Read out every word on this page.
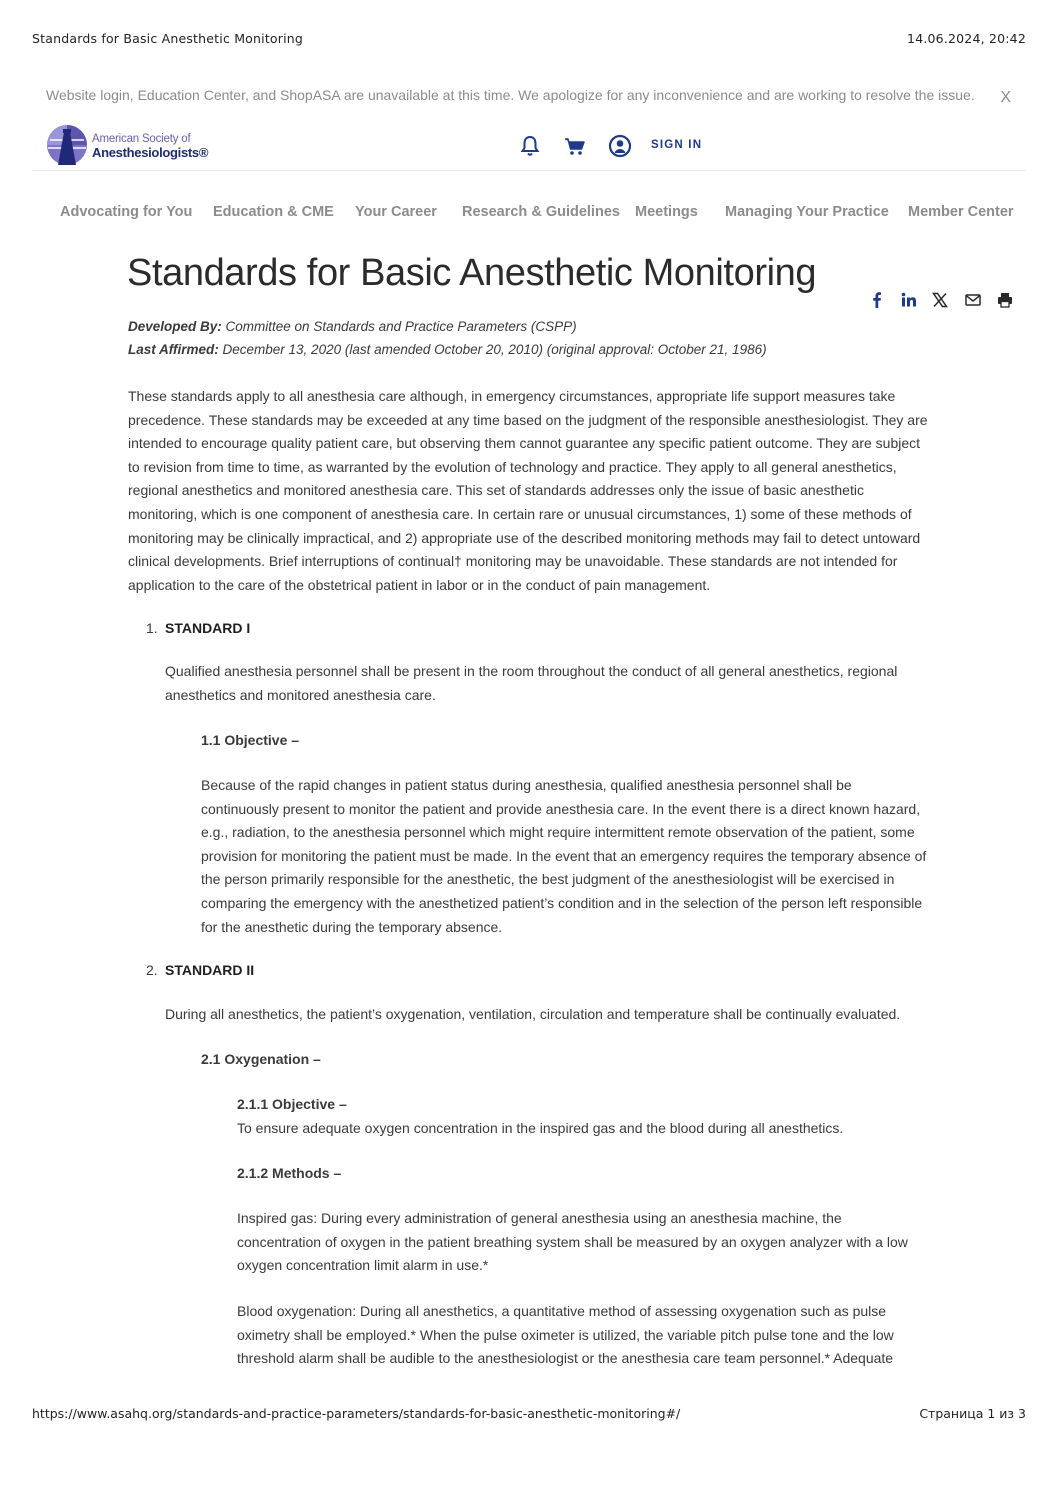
Standards for Basic Anesthetic Monitoring	14.06.2024, 20:42
Website login, Education Center, and ShopASA are unavailable at this time. We apologize for any inconvenience and are working to resolve the issue. X
American Society of
Anesthesiologists®	SIGN IN
Advocating for You Education & CME Your Career Research & Guidelines Meetings Managing Your Practice Member Center
Standards for Basic Anesthetic Monitoring
Developed By: Committee on Standards and Practice Parameters (CSPP)
Last Affirmed: December 13, 2020 (last amended October 20, 2010) (original approval: October 21, 1986)

These standards apply to all anesthesia care although, in emergency circumstances, appropriate life support measures take precedence. These standards may be exceeded at any time based on the judgment of the responsible anesthesiologist. They are intended to encourage quality patient care, but observing them cannot guarantee any specific patient outcome. They are subject to revision from time to time, as warranted by the evolution of technology and practice. They apply to all general anesthetics, regional anesthetics and monitored anesthesia care. This set of standards addresses only the issue of basic anesthetic monitoring, which is one component of anesthesia care. In certain rare or unusual circumstances, 1) some of these methods of monitoring may be clinically impractical, and 2) appropriate use of the described monitoring methods may fail to detect untoward clinical developments. Brief interruptions of continual† monitoring may be unavoidable. These standards are not intended for application to the care of the obstetrical patient in labor or in the conduct of pain management.

1. STANDARD I

Qualified anesthesia personnel shall be present in the room throughout the conduct of all general anesthetics, regional anesthetics and monitored anesthesia care.

1.1 Objective –

Because of the rapid changes in patient status during anesthesia, qualified anesthesia personnel shall be continuously present to monitor the patient and provide anesthesia care. In the event there is a direct known hazard, e.g., radiation, to the anesthesia personnel which might require intermittent remote observation of the patient, some provision for monitoring the patient must be made. In the event that an emergency requires the temporary absence of the person primarily responsible for the anesthetic, the best judgment of the anesthesiologist will be exercised in comparing the emergency with the anesthetized patient’s condition and in the selection of the person left responsible for the anesthetic during the temporary absence.

2. STANDARD II

During all anesthetics, the patient’s oxygenation, ventilation, circulation and temperature shall be continually evaluated.

2.1 Oxygenation –
2.1.1 Objective –

To ensure adequate oxygen concentration in the inspired gas and the blood during all anesthetics.

2.1.2 Methods –

Inspired gas: During every administration of general anesthesia using an anesthesia machine, the concentration of oxygen in the patient breathing system shall be measured by an oxygen analyzer with a low oxygen concentration limit alarm in use.*

Blood oxygenation: During all anesthetics, a quantitative method of assessing oxygenation such as pulse oximetry shall be employed.* When the pulse oximeter is utilized, the variable pitch pulse tone and the low threshold alarm shall be audible to the anesthesiologist or the anesthesia care team personnel.* Adequate

https://www.asahq.org/standards-and-practice-parameters/standards-for-basic-anesthetic-monitoring#/	Страница 1 из 3
